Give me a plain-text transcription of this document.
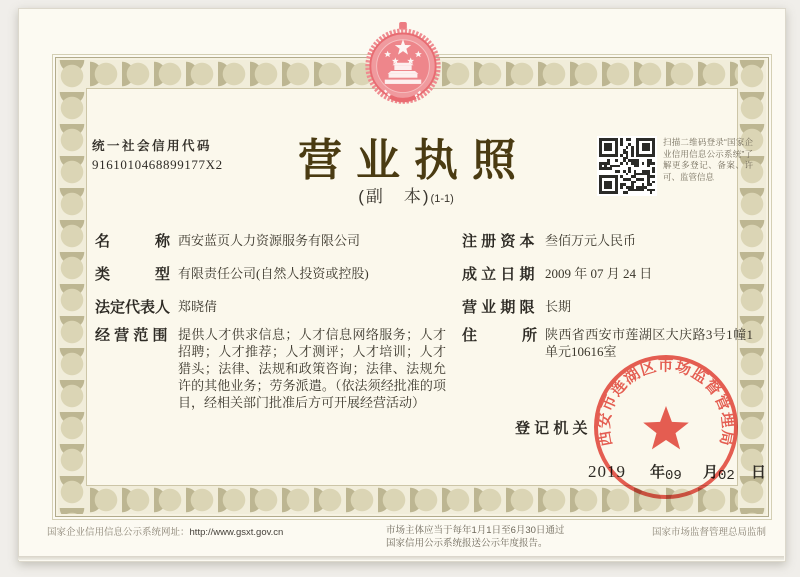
统一社会信用代码
9161010468899177X2	营业执照
(副　本)(1-1)
扫描二维码登录“国家企业信用信息公示系统”了解更多登记、备案、许可、监管信息
名　　　称 西安蓝页人力资源服务有限公司
类　　　型 有限责任公司(自然人投资或控股)
法定代表人 郑晓倩
经 营 范 围 提供人才供求信息；人才信息网络服务；人才招聘；人才推荐；人才测评；人才培训；人才猎头；法律、法规和政策咨询；法律、法规允许的其他业务；劳务派遣。（依法须经批准的项目，经相关部门批准后方可开展经营活动）
注 册 资 本 叁佰万元人民币
成 立 日 期 2009 年 07 月 24 日
营 业 期 限 长期
住　　　所 陕西省西安市莲湖区大庆路3号1幢1单元10616室
登 记 机 关 西安市莲湖区市场监督管理局
2019 年 09 月 02 日
国家企业信用信息公示系统网址：http://www.gsxt.gov.cn	市场主体应当于每年1月1日至6月30日通过
国家信用公示系统报送公示年度报告。
国家市场监督管理总局监制
